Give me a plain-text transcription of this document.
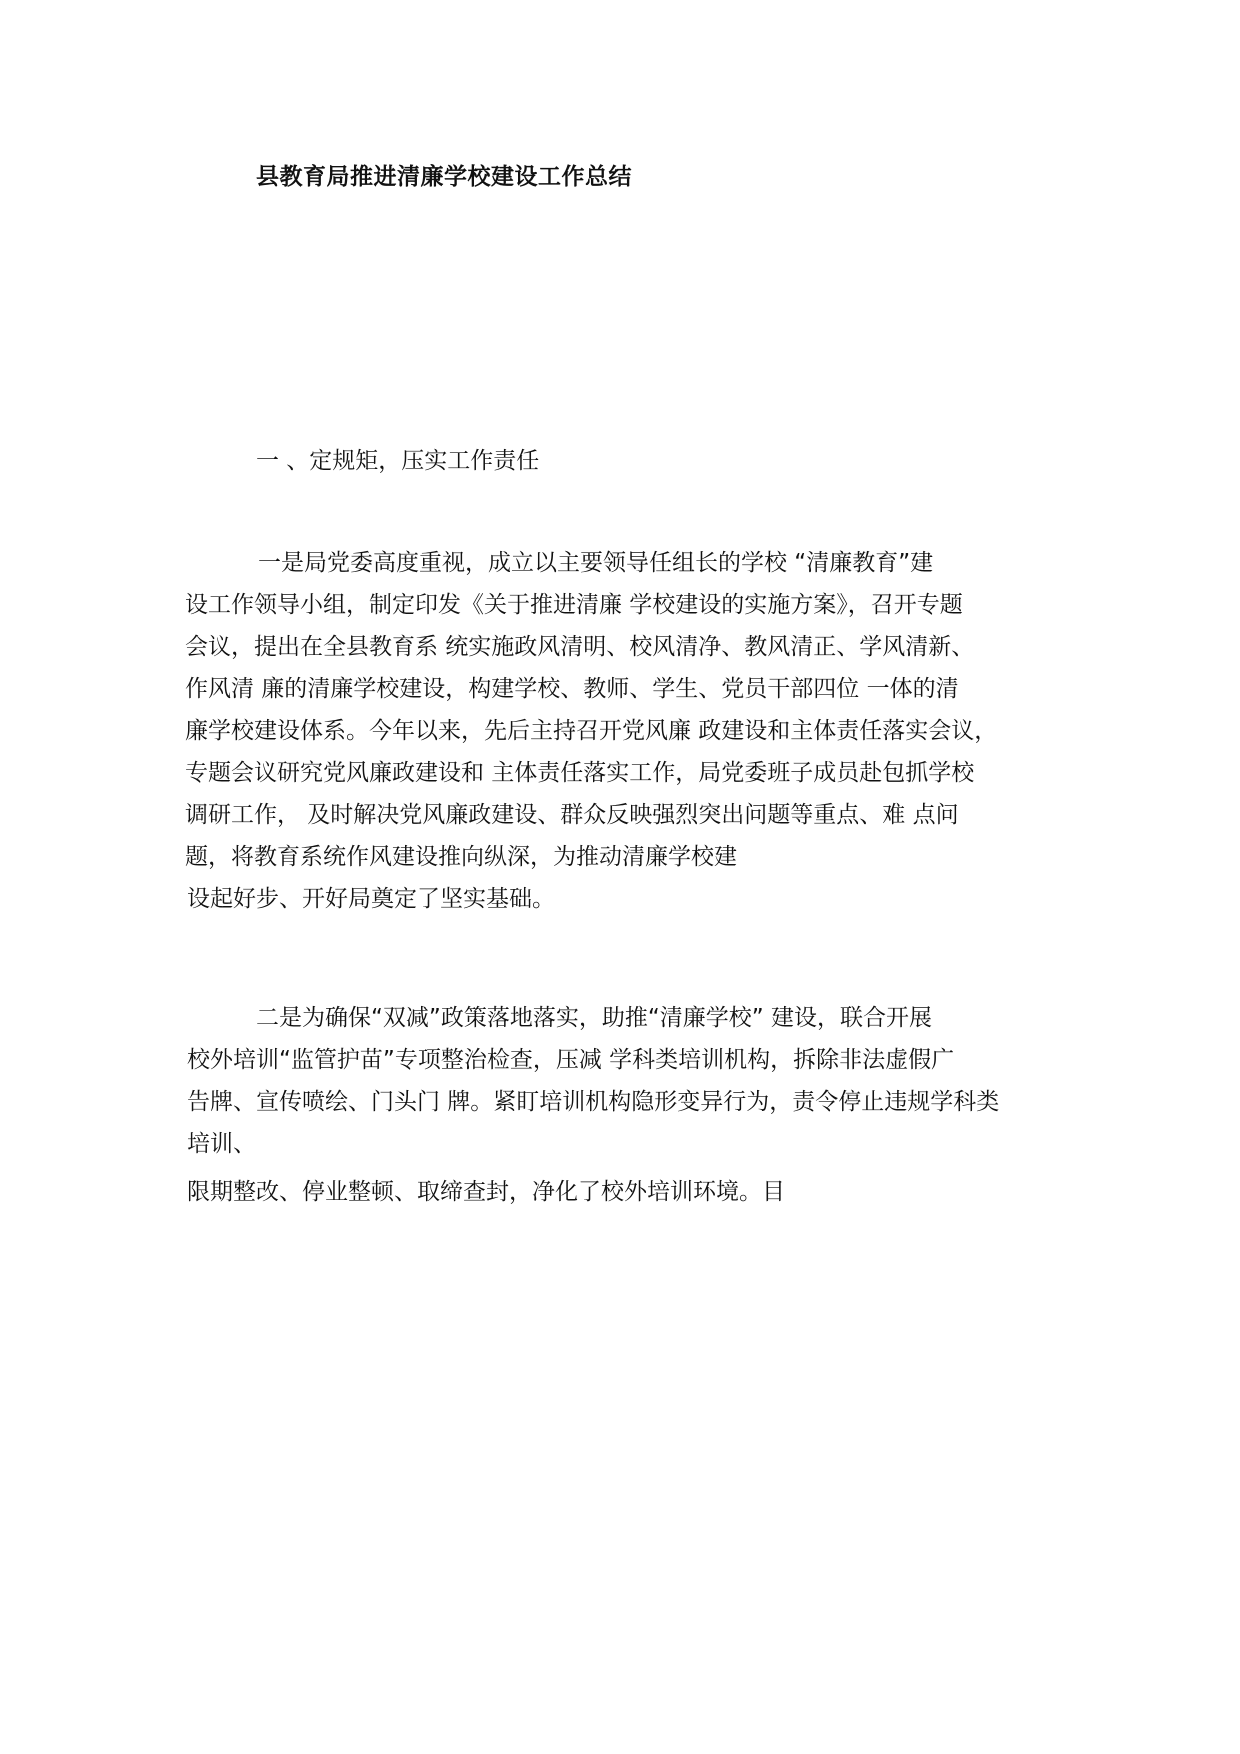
县教育局推进清廉学校建设工作总结
一 、定规矩，压实工作责任
一是局党委高度重视，成立以主要领导任组长的学校 “清廉教育”建
设工作领导小组，制定印发《关于推进清廉 学校建设的实施方案》，召开专题
会议，提出在全县教育系 统实施政风清明、校风清净、教风清正、学风清新、
作风清 廉的清廉学校建设，构建学校、教师、学生、党员干部四位 一体的清
廉学校建设体系。今年以来，先后主持召开党风廉 政建设和主体责任落实会议，
专题会议研究党风廉政建设和 主体责任落实工作，局党委班子成员赴包抓学校
调研工作， 及时解决党风廉政建设、群众反映强烈突出问题等重点、难 点问
题，将教育系统作风建设推向纵深，为推动清廉学校建
设起好步、开好局奠定了坚实基础。
二是为确保“双减”政策落地落实，助推“清廉学校” 建设，联合开展
校外培训“监管护苗”专项整治检查，压减 学科类培训机构，拆除非法虚假广
告牌、宣传喷绘、门头门 牌。紧盯培训机构隐形变异行为，责令停止违规学科类
培训、
限期整改、停业整顿、取缔查封，净化了校外培训环境。目
